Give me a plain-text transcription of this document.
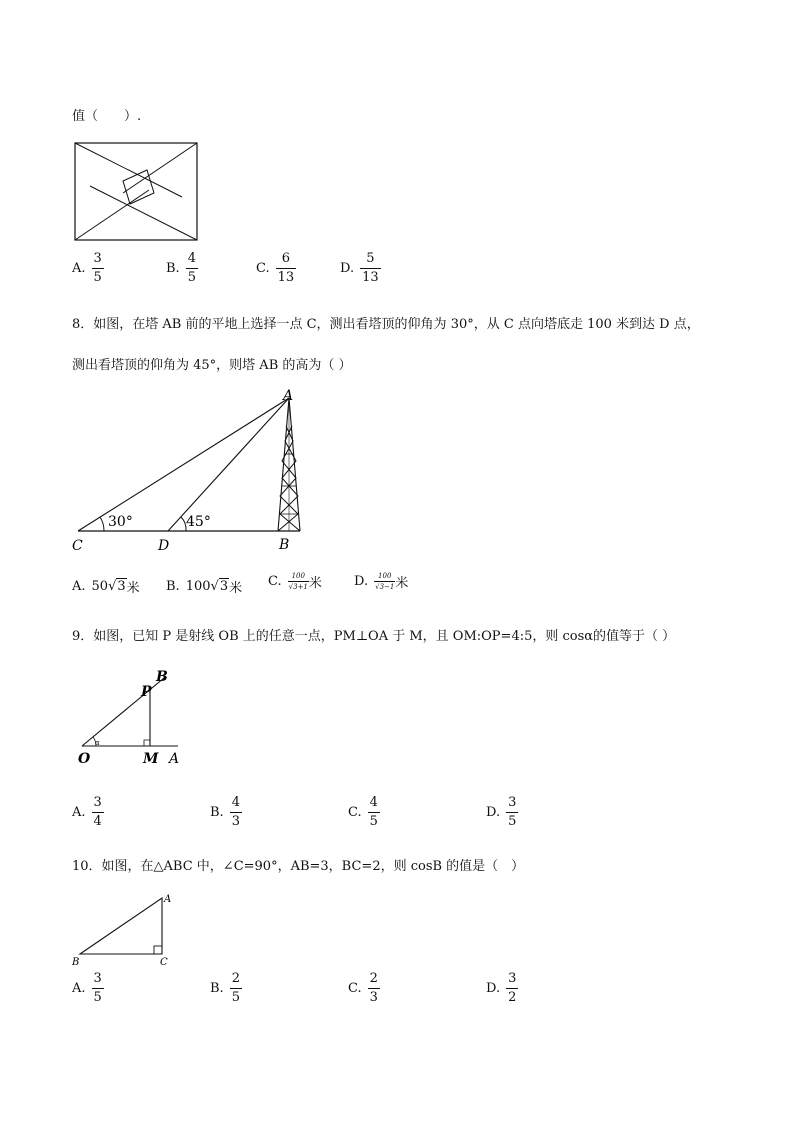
值（　　）.
A. $\frac{3}{5}$	B. $\frac{4}{5}$	C. $\frac{6}{13}$	D. $\frac{5}{13}$
8．如图，在塔 AB 前的平地上选择一点 C，测出看塔顶的仰角为 30°，从 C 点向塔底走 100 米到达 D 点，
测出看塔顶的仰角为 45°，则塔 AB 的高为（ ）
A
C	D	B
30°	45°
A. 50 √3 米 B. 100 √3 米 C. $\frac{100}{√3+1}$ 米 D. $\frac{100}{√3-1}$ 米
9．如图，已知 P 是射线 OB 上的任意一点，PM⊥OA 于 M，且 OM:OP=4:5，则 cosα的值等于（ ）
α
O	M A
P
B
A. $\frac{3}{4}$	B. $\frac{4}{3}$	C. $\frac{4}{5}$	D. $\frac{3}{5}$
10．如图，在△ABC 中，∠C=90°，AB=3，BC=2，则 cosB 的值是（　）
A
B	C
A. $\frac{3}{5}$	B. $\frac{2}{5}$	C. $\frac{2}{3}$	D. $\frac{3}{2}$
